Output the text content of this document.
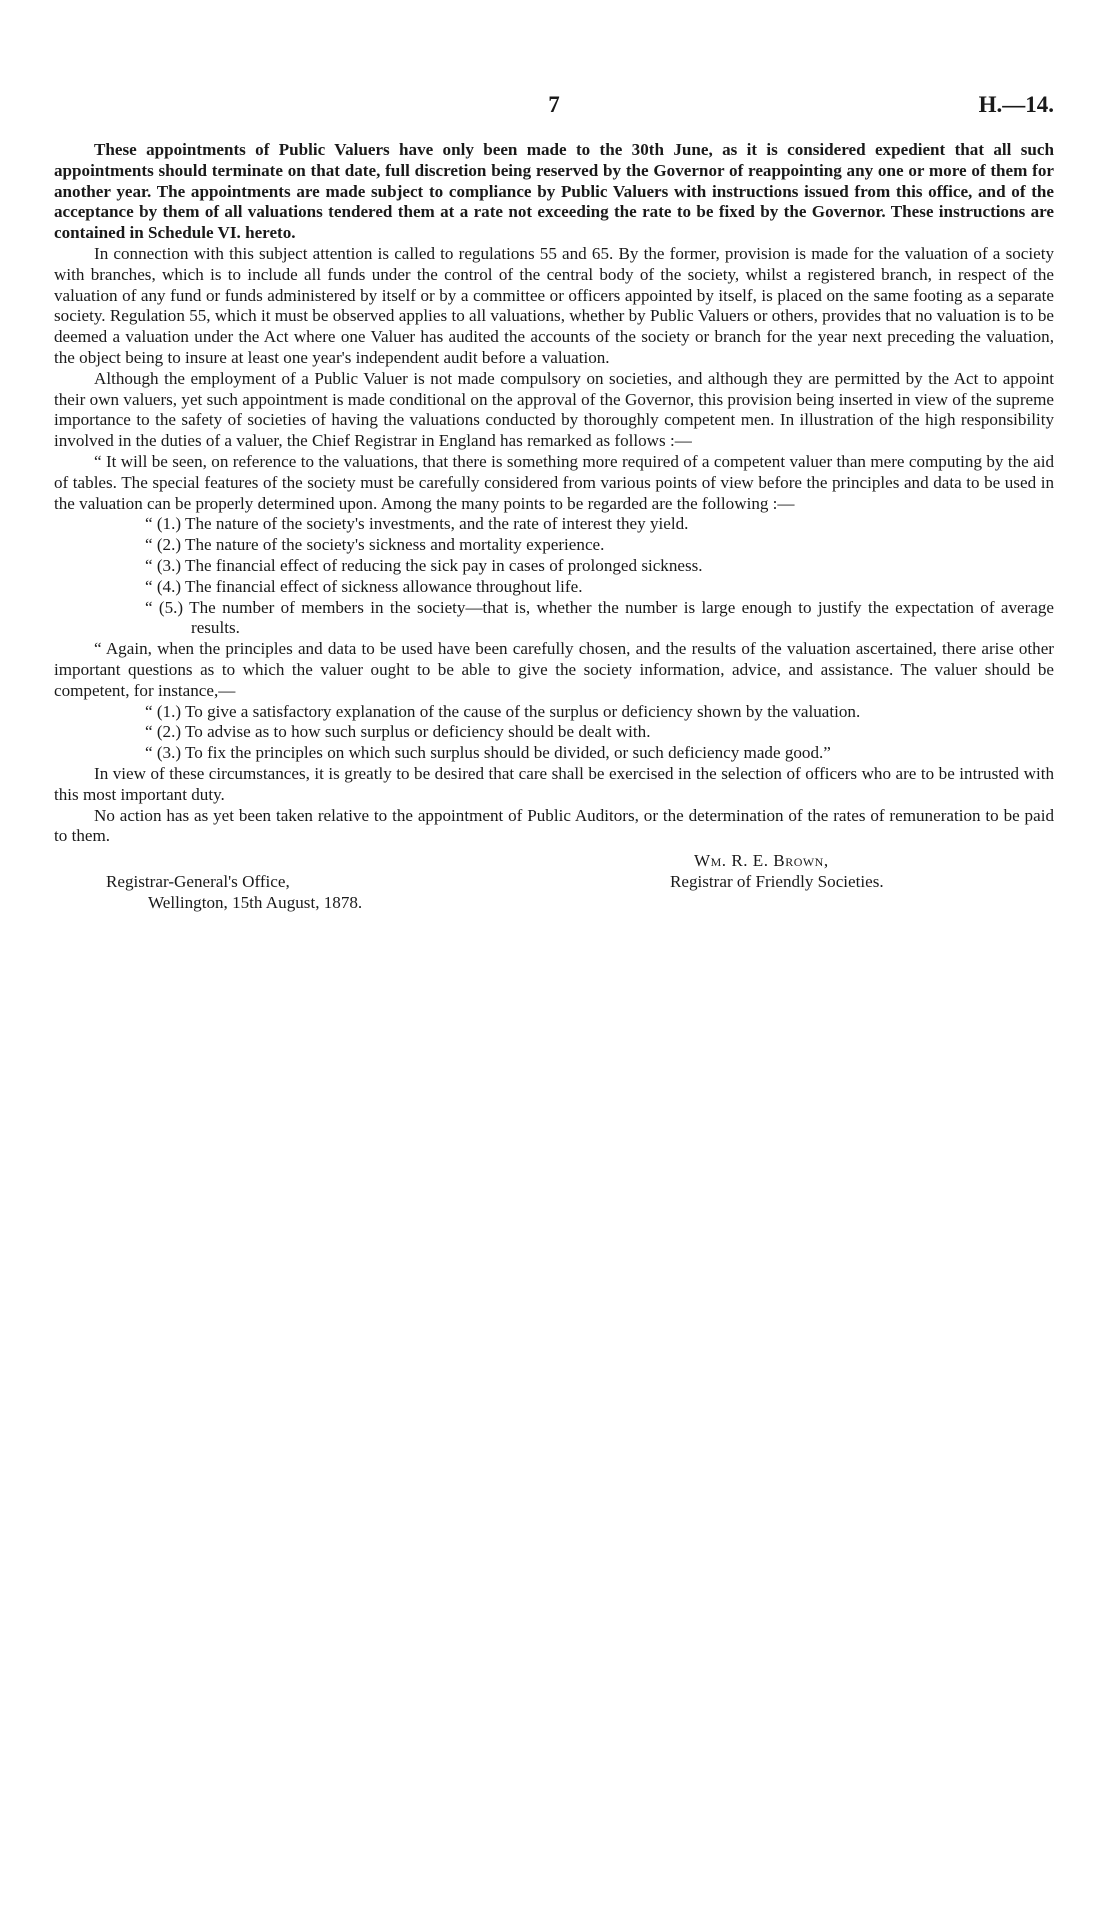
7	H.—14.

These appointments of Public Valuers have only been made to the 30th June, as it is considered expedient that all such appointments should terminate on that date, full discretion being reserved by the Governor of reappointing any one or more of them for another year. The appointments are made subject to compliance by Public Valuers with instructions issued from this office, and of the acceptance by them of all valuations tendered them at a rate not exceeding the rate to be fixed by the Governor. These instructions are contained in Schedule VI. hereto.

In connection with this subject attention is called to regulations 55 and 65. By the former, provision is made for the valuation of a society with branches, which is to include all funds under the control of the central body of the society, whilst a registered branch, in respect of the valuation of any fund or funds administered by itself or by a committee or officers appointed by itself, is placed on the same footing as a separate society. Regulation 55, which it must be observed applies to all valuations, whether by Public Valuers or others, provides that no valuation is to be deemed a valuation under the Act where one Valuer has audited the accounts of the society or branch for the year next preceding the valuation, the object being to insure at least one year's independent audit before a valuation.

Although the employment of a Public Valuer is not made compulsory on societies, and although they are permitted by the Act to appoint their own valuers, yet such appointment is made conditional on the approval of the Governor, this provision being inserted in view of the supreme importance to the safety of societies of having the valuations conducted by thoroughly competent men. In illustration of the high responsibility involved in the duties of a valuer, the Chief Registrar in England has remarked as follows :—

“ It will be seen, on reference to the valuations, that there is something more required of a competent valuer than mere computing by the aid of tables. The special features of the society must be carefully considered from various points of view before the principles and data to be used in the valuation can be properly determined upon. Among the many points to be regarded are the following :—

“ (1.) The nature of the society's investments, and the rate of interest they yield.
“ (2.) The nature of the society's sickness and mortality experience.
“ (3.) The financial effect of reducing the sick pay in cases of prolonged sickness.
“ (4.) The financial effect of sickness allowance throughout life.
“ (5.) The number of members in the society—that is, whether the number is large enough to justify the expectation of average results.

“ Again, when the principles and data to be used have been carefully chosen, and the results of the valuation ascertained, there arise other important questions as to which the valuer ought to be able to give the society information, advice, and assistance. The valuer should be competent, for instance,—

“ (1.) To give a satisfactory explanation of the cause of the surplus or deficiency shown by the valuation.
“ (2.) To advise as to how such surplus or deficiency should be dealt with.
“ (3.) To fix the principles on which such surplus should be divided, or such deficiency made good.”

In view of these circumstances, it is greatly to be desired that care shall be exercised in the selection of officers who are to be intrusted with this most important duty.

No action has as yet been taken relative to the appointment of Public Auditors, or the determination of the rates of remuneration to be paid to them.

Wm. R. E. Brown,
Registrar of Friendly Societies.
Registrar-General's Office,
Wellington, 15th August, 1878.
